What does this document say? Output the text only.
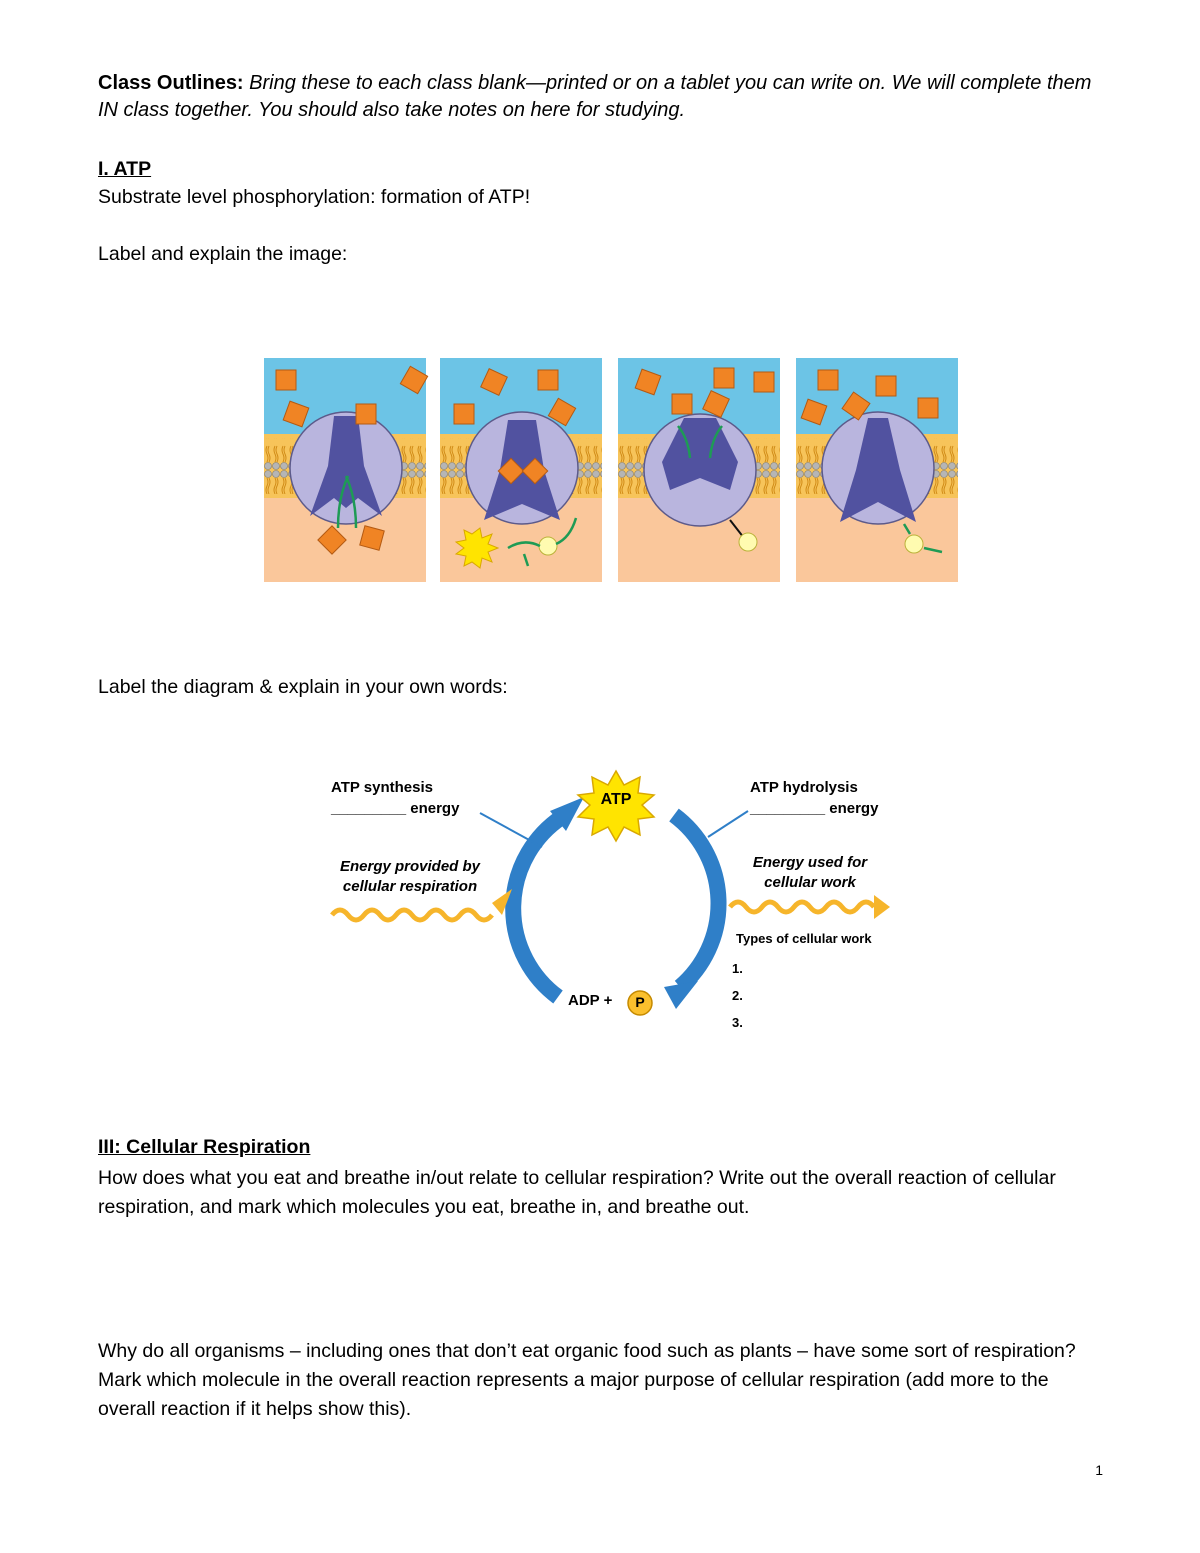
Class Outlines: Bring these to each class blank—printed or on a tablet you can write on. We will complete them IN class together. You should also take notes on here for studying.
I. ATP
Substrate level phosphorylation: formation of ATP!
Label and explain the image:
Label the diagram & explain in your own words:
ATP
ADP + P
ATP synthesis
_________ energy
ATP hydrolysis
_________ energy
Energy provided by
cellular respiration
Energy used for
cellular work
Types of cellular work
1.
2.
3.
III: Cellular Respiration
How does what you eat and breathe in/out relate to cellular respiration? Write out the overall reaction of cellular respiration, and mark which molecules you eat, breathe in, and breathe out.
Why do all organisms – including ones that don’t eat organic food such as plants – have some sort of respiration? Mark which molecule in the overall reaction represents a major purpose of cellular respiration (add more to the overall reaction if it helps show this).
1
